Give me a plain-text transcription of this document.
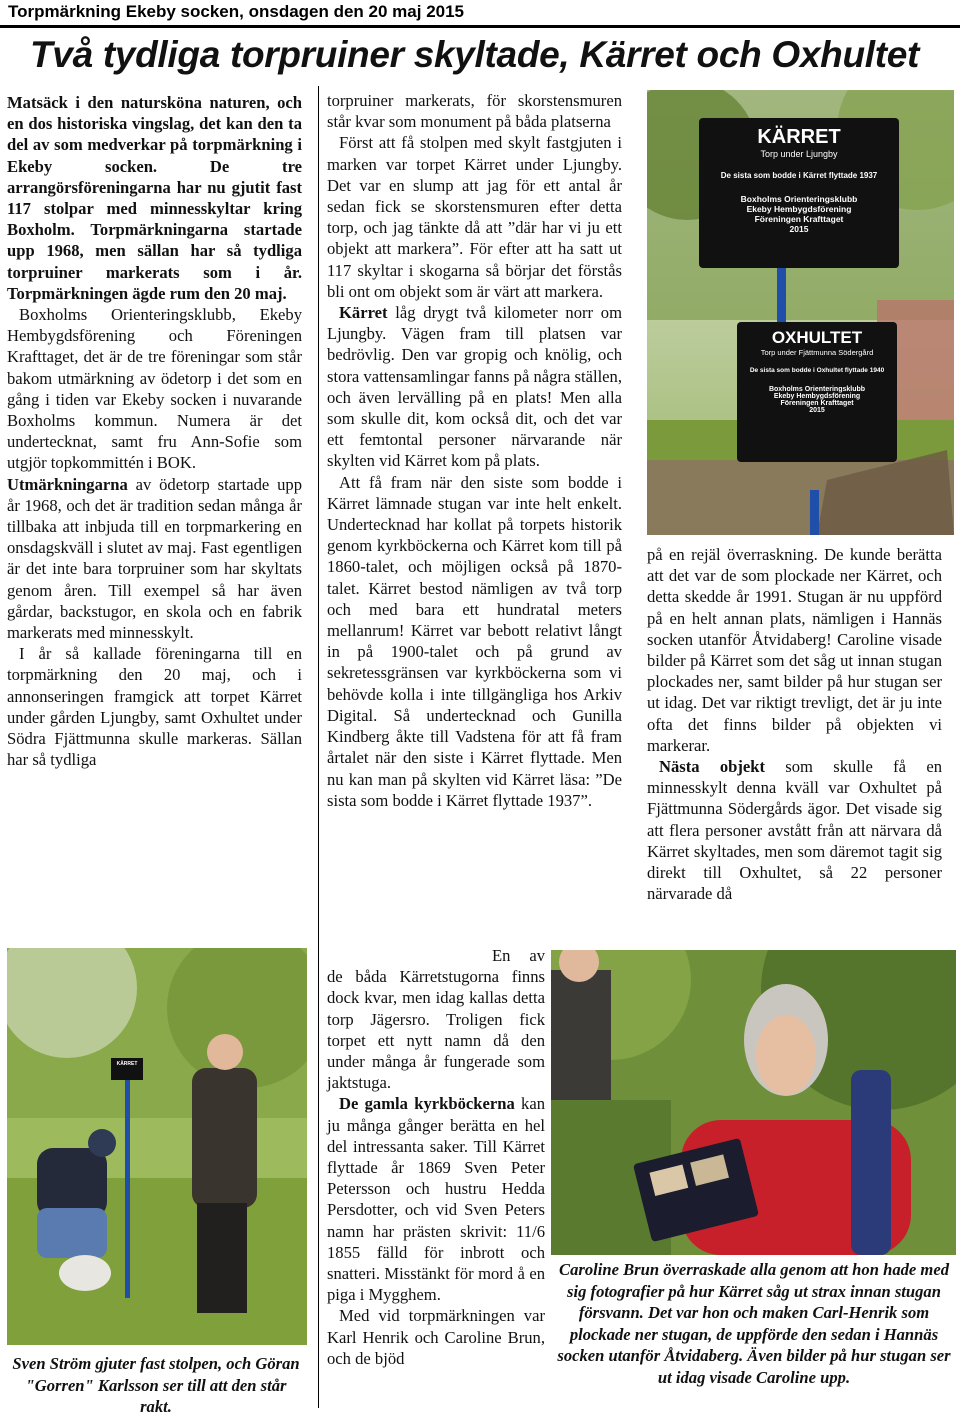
Torpmärkning Ekeby socken, onsdagen den 20 maj 2015
Två tydliga torpruiner skyltade, Kärret och Oxhultet

Matsäck i den natursköna naturen, och en dos historiska vingslag, det kan den ta del av som medverkar på torpmärkning i Ekeby socken. De tre arrangörsföreningarna har nu gjutit fast 117 stolpar med minnesskyltar kring Boxholm. Torpmärkningarna startade upp 1968, men sällan har så tydliga torpruiner markerats som i år. Torpmärkningen ägde rum den 20 maj.

Boxholms Orienteringsklubb, Ekeby Hembygdsförening och Föreningen Krafttaget, det är de tre föreningar som står bakom utmärkning av ödetorp i det som en gång i tiden var Ekeby socken i nuvarande Boxholms kommun. Numera är det undertecknat, samt fru Ann-Sofie som utgjör topkommittén i BOK.

Utmärkningarna av ödetorp startade upp år 1968, och det är tradition sedan många år tillbaka att inbjuda till en torpmarkering en onsdagskväll i slutet av maj. Fast egentligen är det inte bara torpruiner som har skyltats genom åren. Till exempel så har även gårdar, backstugor, en skola och en fabrik markerats med minnesskylt.

I år så kallade föreningarna till en torpmärkning den 20 maj, och i annonseringen framgick att torpet Kärret under gården Ljungby, samt Oxhultet under Södra Fjättmunna skulle markeras. Sällan har så tydliga

torpruiner markerats, för skorstensmuren står kvar som monument på båda platserna

Först att få stolpen med skylt fastgjuten i marken var torpet Kärret under Ljungby. Det var en slump att jag för ett antal år sedan fick se skorstensmuren efter detta torp, och jag tänkte då att ”där har vi ju ett objekt att markera”. För efter att ha satt ut 117 skyltar i skogarna så börjar det förstås bli ont om objekt som är värt att markera.

Kärret låg drygt två kilometer norr om Ljungby. Vägen fram till platsen var bedrövlig. Den var gropig och knölig, och stora vattensamlingar fanns på några ställen, och även lervälling på en plats! Men alla som skulle dit, kom också dit, och det var ett femtontal personer närvarande när skylten vid Kärret kom på plats.

Att få fram när den siste som bodde i Kärret lämnade stugan var inte helt enkelt. Undertecknad har kollat på torpets historik genom kyrkböckerna och Kärret kom till på 1860-talet, och möjligen också på 1870-talet. Kärret bestod nämligen av två torp och med bara ett hundratal meters mellanrum! Kärret var bebott relativt långt in på 1900-talet och på grund av sekretessgränsen var kyrkböckerna som vi behövde kolla i inte tillgängliga hos Arkiv Digital. Så undertecknad och Gunilla Kindberg åkte till Vadstena för att få fram årtalet när den siste i Kärret flyttade. Men nu kan man på skylten vid Kärret läsa: ”De sista som bodde i Kärret flyttade 1937”.

En av de båda Kärretstugorna finns dock kvar, men idag kallas detta torp Jägersro. Troligen fick torpet ett nytt namn då den under många år fungerade som jaktstuga.

De gamla kyrkböckerna kan ju många gånger berätta en hel del intressanta saker. Till Kärret flyttade år 1869 Sven Peter Petersson och hustru Hedda Persdotter, och vid Sven Peters namn har prästen skrivit: 11/6 1855 fälld för inbrott och snatteri. Misstänkt för mord å en piga i Mygghem.

Med vid torpmärkningen var Karl Henrik och Caroline Brun, och de bjöd

på en rejäl överraskning. De kunde berätta att det var de som plockade ner Kärret, och detta skedde år 1991. Stugan är nu uppförd på en helt annan plats, nämligen i Hannäs socken utanför Åtvidaberg! Caroline visade bilder på Kärret som det såg ut innan stugan plockades ner, samt bilder på hur stugan ser ut idag. Det var riktigt trevligt, det är ju inte ofta det finns bilder på objekten vi markerar.

Nästa objekt som skulle få en minnesskylt denna kväll var Oxhultet på Fjättmunna Södergårds ägor. Det visade sig att flera personer avstått från att närvara då Kärret skyltades, men som däremot tagit sig direkt till Oxhultet, så 22 personer närvarade då

KÄRRET
Torp under Ljungby
De sista som bodde i Kärret flyttade 1937
Boxholms Orienteringsklubb
Ekeby Hembygdsförening
Föreningen Krafttaget
2015
OXHULTET
Torp under Fjättmunna Södergård
De sista som bodde i Oxhultet flyttade 1940
Boxholms Orienteringsklubb
Ekeby Hembygdsförening
Föreningen Krafttaget
2015
KÄRRET
Sven Ström gjuter fast stolpen, och Göran "Gorren" Karlsson ser till att den står rakt.
Caroline Brun överraskade alla genom att hon hade med sig fotografier på hur Kärret såg ut strax innan stugan försvann. Det var hon och maken Carl-Henrik som plockade ner stugan, de uppförde den sedan i Hannäs socken utanför Åtvidaberg. Även bilder på hur stugan ser ut idag visade Caroline upp.
